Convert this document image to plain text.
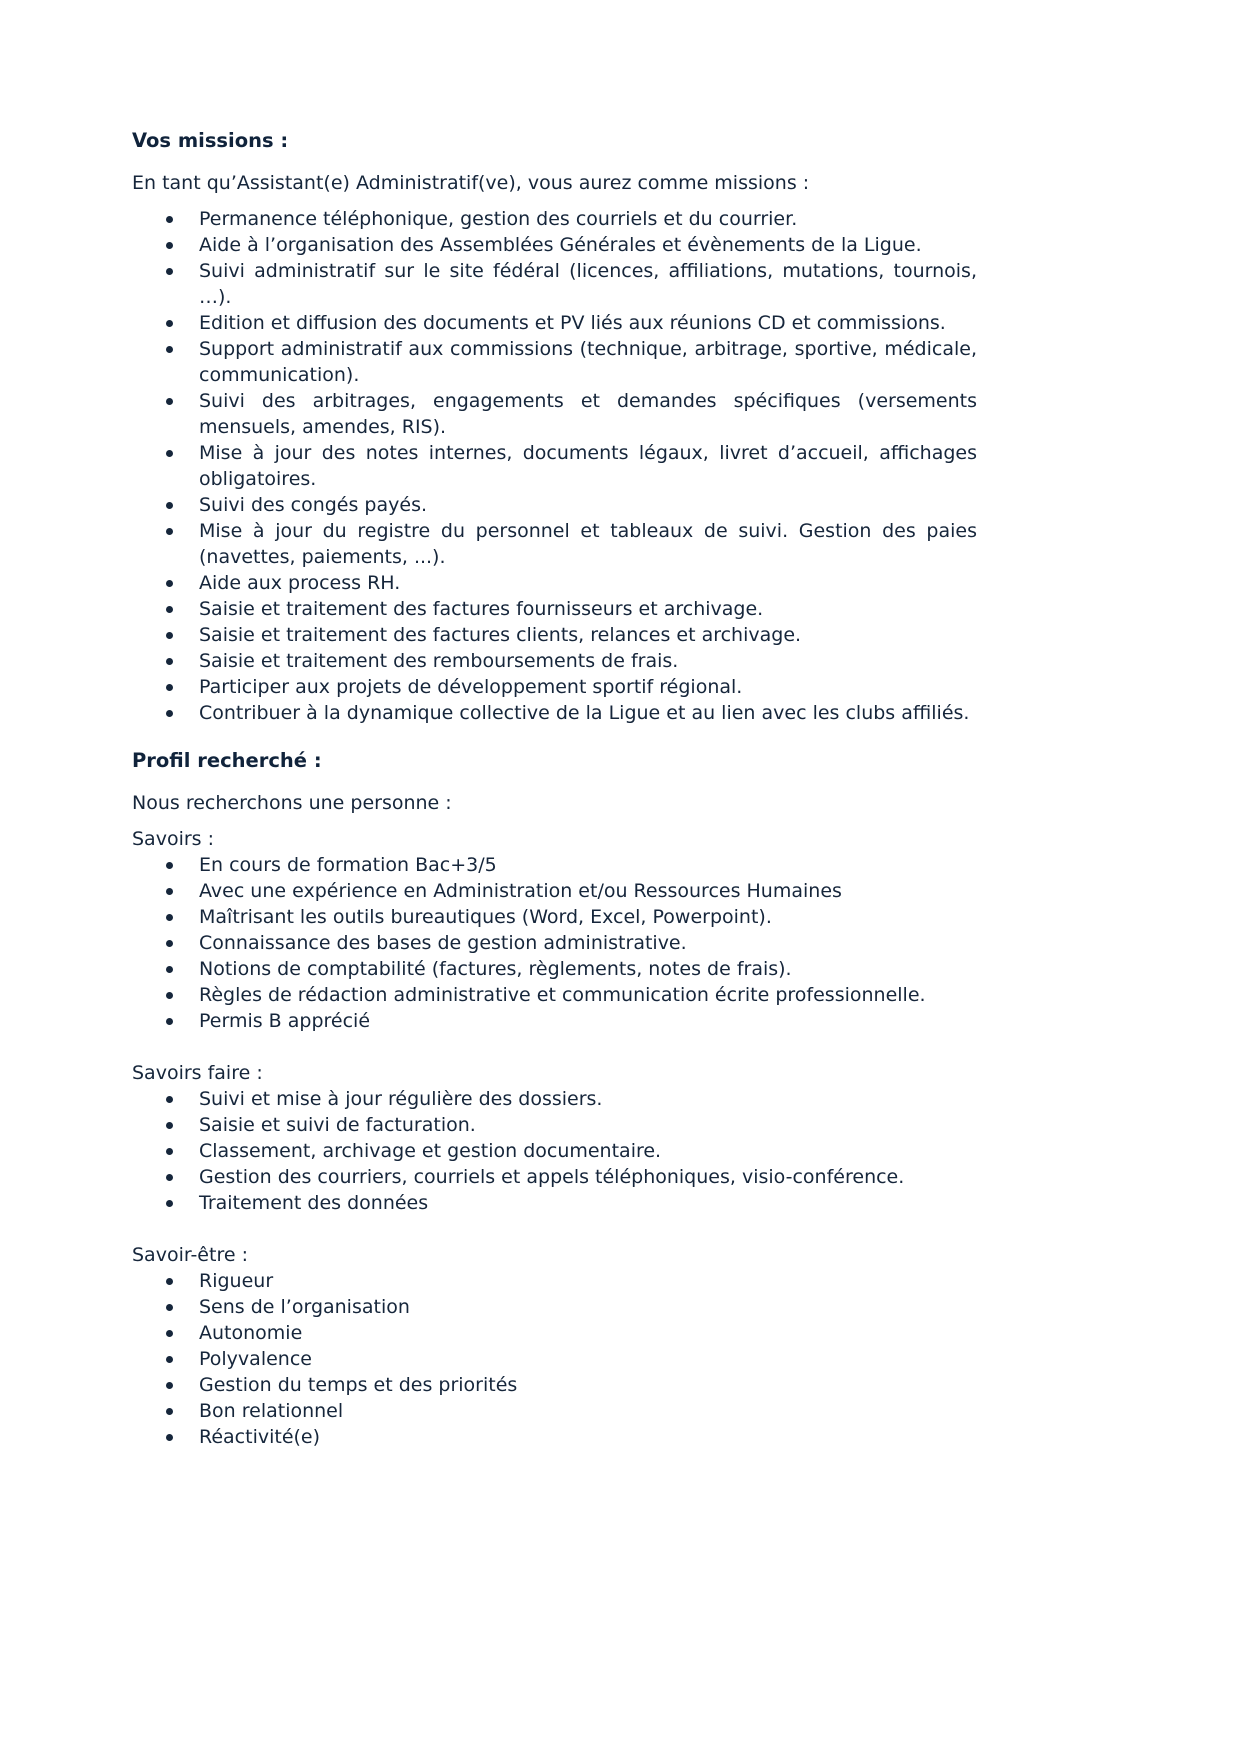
Vos missions :

En tant qu’Assistant(e) Administratif(ve), vous aurez comme missions :

Permanence téléphonique, gestion des courriels et du courrier.
Aide à l’organisation des Assemblées Générales et évènements de la Ligue.
Suivi administratif sur le site fédéral (licences, affiliations, mutations, tournois, …).
Edition et diffusion des documents et PV liés aux réunions CD et commissions.
Support administratif aux commissions (technique, arbitrage, sportive, médicale, communication).
Suivi des arbitrages, engagements et demandes spécifiques (versements mensuels, amendes, RIS).
Mise à jour des notes internes, documents légaux, livret d’accueil, affichages obligatoires.
Suivi des congés payés.
Mise à jour du registre du personnel et tableaux de suivi. Gestion des paies (navettes, paiements, ...).
Aide aux process RH.
Saisie et traitement des factures fournisseurs et archivage.
Saisie et traitement des factures clients, relances et archivage.
Saisie et traitement des remboursements de frais.
Participer aux projets de développement sportif régional.
Contribuer à la dynamique collective de la Ligue et au lien avec les clubs affiliés.
Profil recherché :

Nous recherchons une personne :

Savoirs :

En cours de formation Bac+3/5
Avec une expérience en Administration et/ou Ressources Humaines
Maîtrisant les outils bureautiques (Word, Excel, Powerpoint).
Connaissance des bases de gestion administrative.
Notions de comptabilité (factures, règlements, notes de frais).
Règles de rédaction administrative et communication écrite professionnelle.
Permis B apprécié

Savoirs faire :

Suivi et mise à jour régulière des dossiers.
Saisie et suivi de facturation.
Classement, archivage et gestion documentaire.
Gestion des courriers, courriels et appels téléphoniques, visio-conférence.
Traitement des données

Savoir-être :

Rigueur
Sens de l’organisation
Autonomie
Polyvalence
Gestion du temps et des priorités
Bon relationnel
Réactivité(e)
